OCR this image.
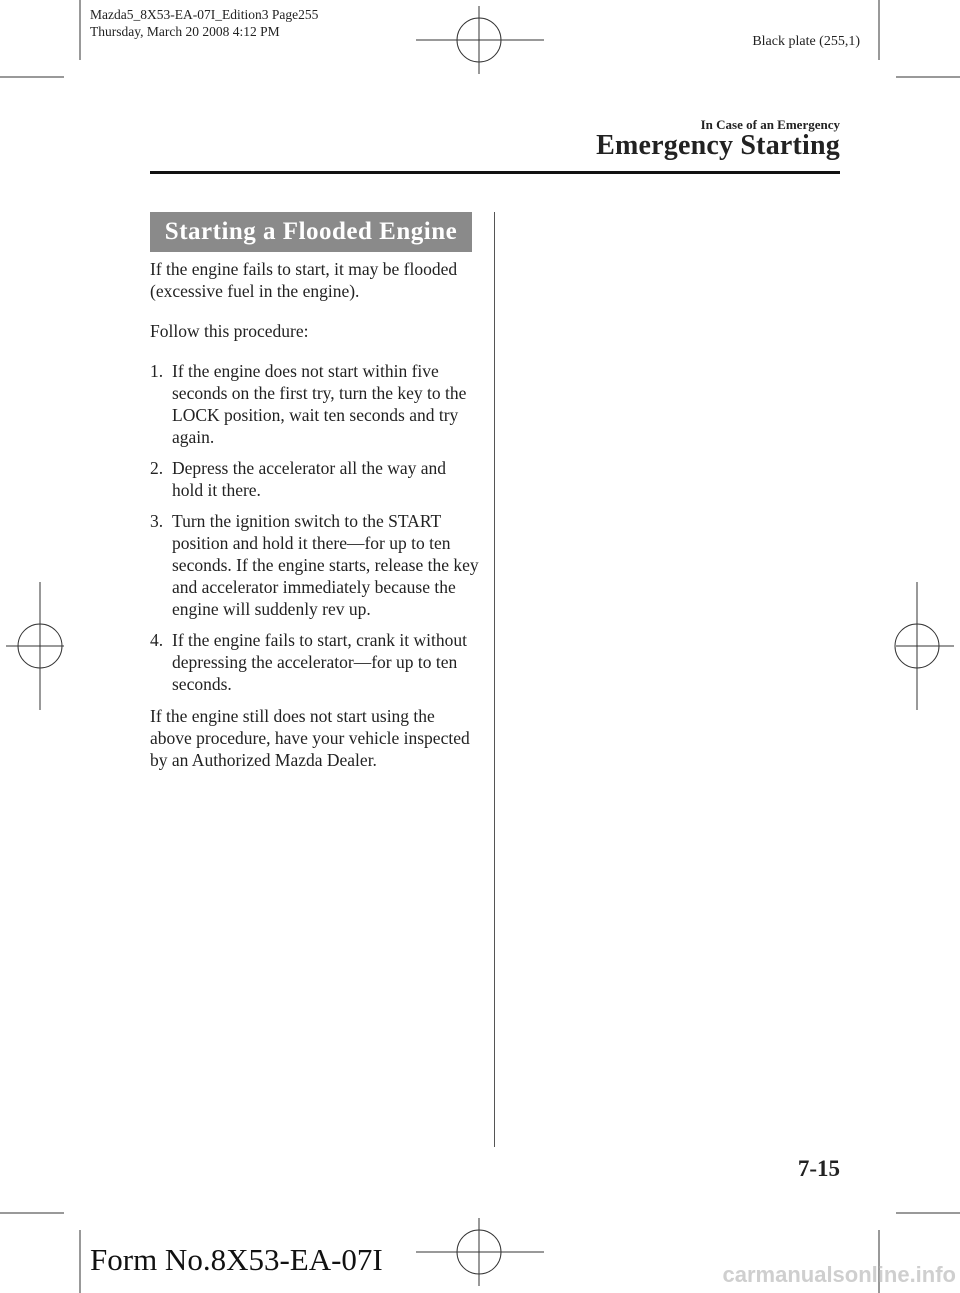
Mazda5_8X53-EA-07I_Edition3 Page255
Thursday, March 20 2008 4:12 PM
Black plate (255,1)
In Case of an Emergency
Emergency Starting
Starting a Flooded Engine

If the engine fails to start, it may be flooded (excessive fuel in the engine).

Follow this procedure:

1. If the engine does not start within five seconds on the first try, turn the key to the LOCK position, wait ten seconds and try again.
2. Depress the accelerator all the way and hold it there.
3. Turn the ignition switch to the START position and hold it there―for up to ten seconds. If the engine starts, release the key and accelerator immediately because the engine will suddenly rev up.
4. If the engine fails to start, crank it without depressing the accelerator―for up to ten seconds.

If the engine still does not start using the above procedure, have your vehicle inspected by an Authorized Mazda Dealer.

7-15
Form No.8X53-EA-07I	carmanualsonline.info
